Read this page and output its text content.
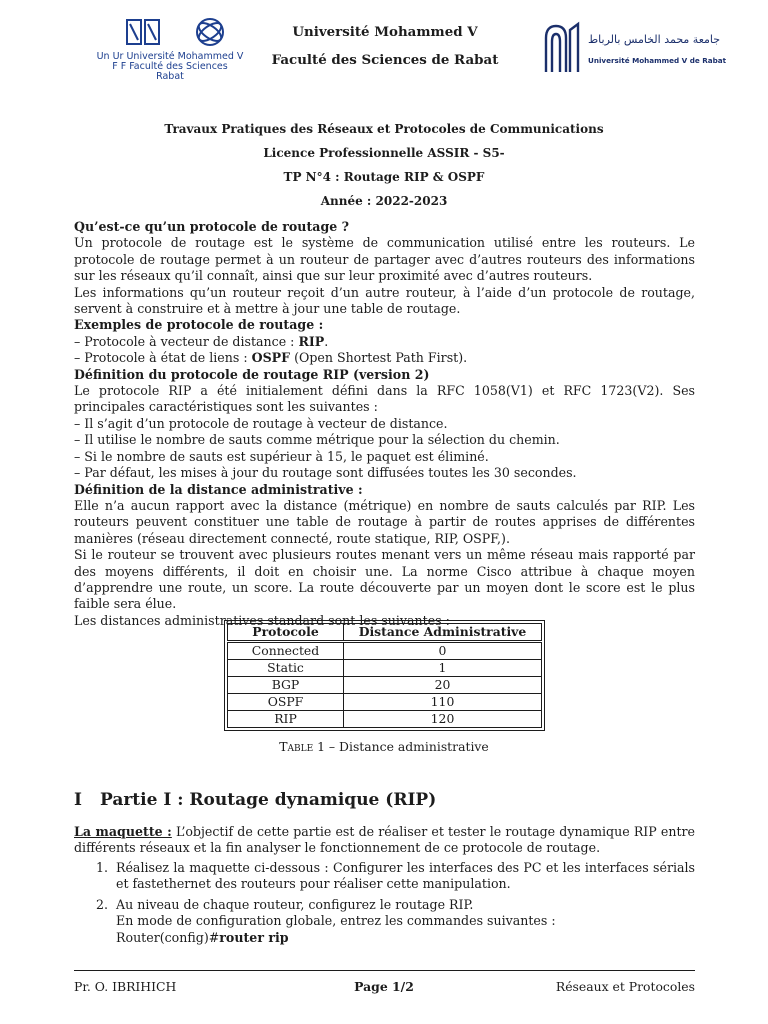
Un Ur Université Mohammed V
F F Faculté des Sciences
Rabat
Université Mohammed V
Faculté des Sciences de Rabat
جامعة محمد الخامس بالرباط
Université Mohammed V de Rabat
Travaux Pratiques des Réseaux et Protocoles de Communications
Licence Professionnelle ASSIR - S5-
TP N°4 : Routage RIP & OSPF
Année : 2022-2023

Qu’est-ce qu’un protocole de routage ?

Un protocole de routage est le système de communication utilisé entre les routeurs. Le protocole de routage permet à un routeur de partager avec d’autres routeurs des informations sur les réseaux qu’il connaît, ainsi que sur leur proximité avec d’autres routeurs.

Les informations qu’un routeur reçoit d’un autre routeur, à l’aide d’un protocole de routage, servent à construire et à mettre à jour une table de routage.

Exemples de protocole de routage :

– Protocole à vecteur de distance : RIP.

– Protocole à état de liens : OSPF (Open Shortest Path First).

Définition du protocole de routage RIP (version 2)

Le protocole RIP a été initialement défini dans la RFC 1058(V1) et RFC 1723(V2). Ses principales caractéristiques sont les suivantes :

– Il s’agit d’un protocole de routage à vecteur de distance.

– Il utilise le nombre de sauts comme métrique pour la sélection du chemin.

– Si le nombre de sauts est supérieur à 15, le paquet est éliminé.

– Par défaut, les mises à jour du routage sont diffusées toutes les 30 secondes.

Définition de la distance administrative :

Elle n’a aucun rapport avec la distance (métrique) en nombre de sauts calculés par RIP. Les routeurs peuvent constituer une table de routage à partir de routes apprises de différentes manières (réseau directement connecté, route statique, RIP, OSPF,).

Si le routeur se trouvent avec plusieurs routes menant vers un même réseau mais rapporté par des moyens différents, il doit en choisir une. La norme Cisco attribue à chaque moyen d’apprendre une route, un score. La route découverte par un moyen dont le score est le plus faible sera élue.

Les distances administratives standard sont les suivantes :

Protocole	Distance Administrative
Connected	0
Static	1
BGP	20
OSPF	110
RIP	120
Table 1 – Distance administrative
I Partie I : Routage dynamique (RIP)
La maquette : L’objectif de cette partie est de réaliser et tester le routage dynamique RIP entre différents réseaux et la fin analyser le fonctionnement de ce protocole de routage.
1. Réalisez la maquette ci-dessous : Configurer les interfaces des PC et les interfaces sérials et fastethernet des routeurs pour réaliser cette manipulation.
2. Au niveau de chaque routeur, configurez le routage RIP.
En mode de configuration globale, entrez les commandes suivantes :
Router(config)#router rip
Pr. O. IBRIHICH	Page 1/2	Réseaux et Protocoles
